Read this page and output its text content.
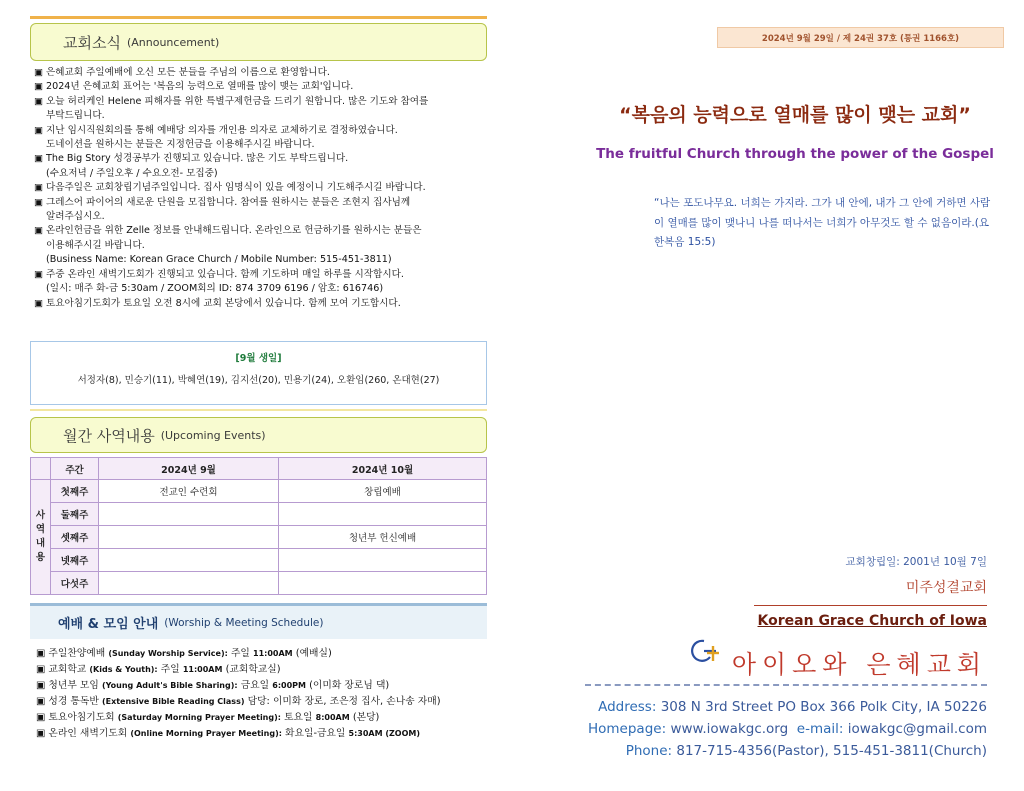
교회소식 (Announcement)
▣ 은혜교회 주일예배에 오신 모든 분들을 주님의 이름으로 환영합니다.
▣ 2024년 은혜교회 표어는 '복음의 능력으로 열매를 많이 맺는 교회'입니다.
▣ 오늘 허리케인 Helene 피해자를 위한 특별구제헌금을 드리기 원합니다. 많은 기도와 참여를
부탁드립니다.
▣ 지난 임시직원회의를 통해 예배당 의자를 개인용 의자로 교체하기로 결정하였습니다.
도네이션을 원하시는 분들은 지정헌금을 이용해주시길 바랍니다.
▣ The Big Story 성경공부가 진행되고 있습니다. 많은 기도 부탁드립니다.
(수요저녁 / 주일오후 / 수요오전- 모집중)
▣ 다음주일은 교회창립기념주일입니다. 집사 임명식이 있을 예정이니 기도해주시길 바랍니다.
▣ 그레스어 파이어의 새로운 단원을 모집합니다. 참여를 원하시는 분들은 조현지 집사님께
알려주십시오.
▣ 온라인헌금을 위한 Zelle 정보를 안내해드립니다. 온라인으로 헌금하기를 원하시는 분들은
이용해주시길 바랍니다.
(Business Name: Korean Grace Church / Mobile Number: 515-451-3811)
▣ 주중 온라인 새벽기도회가 진행되고 있습니다. 함께 기도하며 매일 하루를 시작합시다.
(일시: 매주 화-금 5:30am / ZOOM회의 ID: 874 3709 6196 / 암호: 616746)
▣ 토요아침기도회가 토요일 오전 8시에 교회 본당에서 있습니다. 함께 모여 기도합시다.
[9월 생일]
서정자(8), 민승기(11), 박혜연(19), 김지선(20), 민용기(24), 오환임(260, 온대현(27)
월간 사역내용 (Upcoming Events)
	주간	2024년 9월	2024년 10월
사
역
내
용	첫째주	전교인 수련회	창립예배
	둘째주		
	셋째주		청년부 헌신예배
	넷째주		
	다섯주		
예배 & 모임 안내 (Worship & Meeting Schedule)
▣ 주일찬양예배 (Sunday Worship Service): 주일 11:00AM (예배실)
▣ 교회학교 (Kids & Youth): 주일 11:00AM (교회학교실)
▣ 청년부 모임 (Young Adult's Bible Sharing): 금요일 6:00PM (이미화 장로님 댁)
▣ 성경 통독반 (Extensive Bible Reading Class) 담당: 이미화 장로, 조은정 집사, 손나송 자매)
▣ 토요아침기도회 (Saturday Morning Prayer Meeting): 토요일 8:00AM (본당)
▣ 온라인 새벽기도회 (Online Morning Prayer Meeting): 화요일-금요일 5:30AM (ZOOM)
2024년 9월 29일 / 제 24권 37호 (통권 1166호)
“복음의 능력으로 열매를 많이 맺는 교회”
The fruitful Church through the power of the Gospel
“나는 포도나무요. 너희는 가지라. 그가 내 안에, 내가 그 안에 거하면 사람이 열매를 많이 맺나니 나를 떠나서는 너희가 아무것도 할 수 없음이라.(요한복음 15:5)
교회창립일: 2001년 10월 7일
미주성결교회
Korean Grace Church of Iowa
아이오와 은혜교회
Address: 308 N 3rd Street PO Box 366 Polk City, IA 50226
Homepage: www.iowakgc.org e-mail: iowakgc@gmail.com
Phone: 817-715-4356(Pastor), 515-451-3811(Church)
